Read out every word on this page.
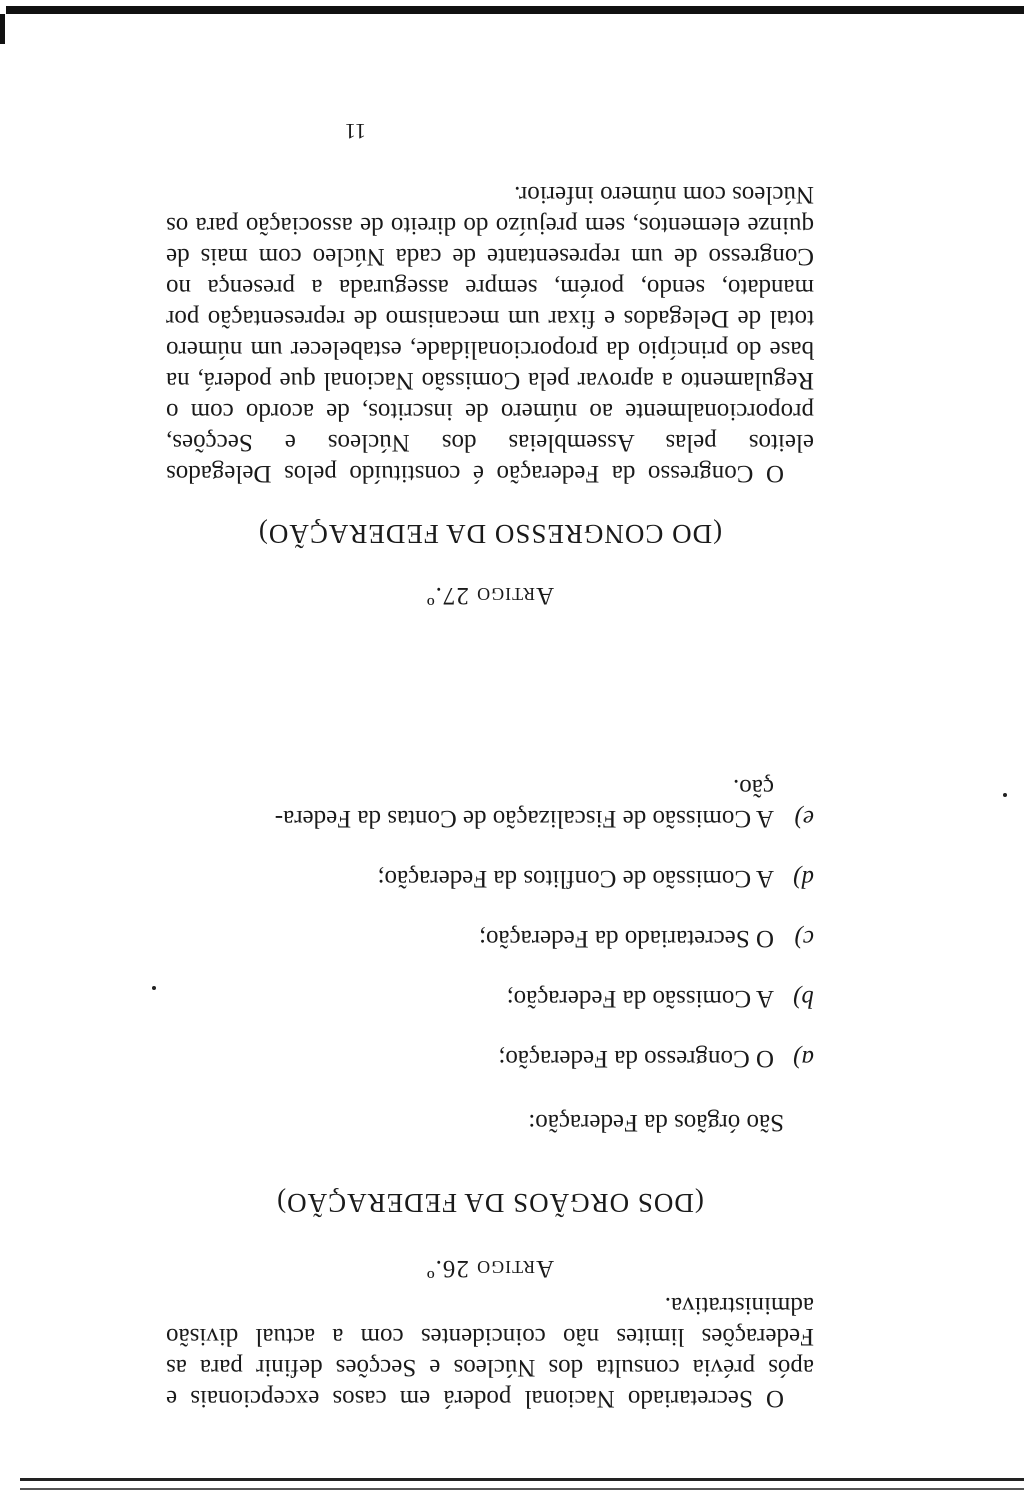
11
Artigo 27.º
(DO CONGRESSO DA FEDERAÇÃO)

O Congresso da Federação é constituído pelos Delegados eleitos pelas Assembleias dos Núcleos e Secções, proporcionalmente ao número de inscritos, de acordo com o Regulamento a aprovar pela Comissão Nacional que poderá, na base do princípio da proporcionalidade, estabelecer um número total de Delegados e fixar um mecanismo de representação por mandato, sendo, porém, sempre assegurada a presença no Congresso de um representante de cada Núcleo com mais de quinze elementos, sem prejuízo do direito de associação para os Núcleos com número inferior.

O Secretariado Nacional poderá em casos excepcionais e após prévia consulta dos Núcleos e Secções definir para as Federações limites não coincidentes com a actual divisão administrativa.

Artigo 26.º
(DOS ORGÃOS DA FEDERAÇÃO)
São órgãos da Federação:
a)O Congresso da Federação;
b)A Comissão da Federação;
c)O Secretariado da Federação;
d)A Comissão de Conflitos da Federação;
e)A Comissão de Fiscalização de Contas da Federa-
ção.
